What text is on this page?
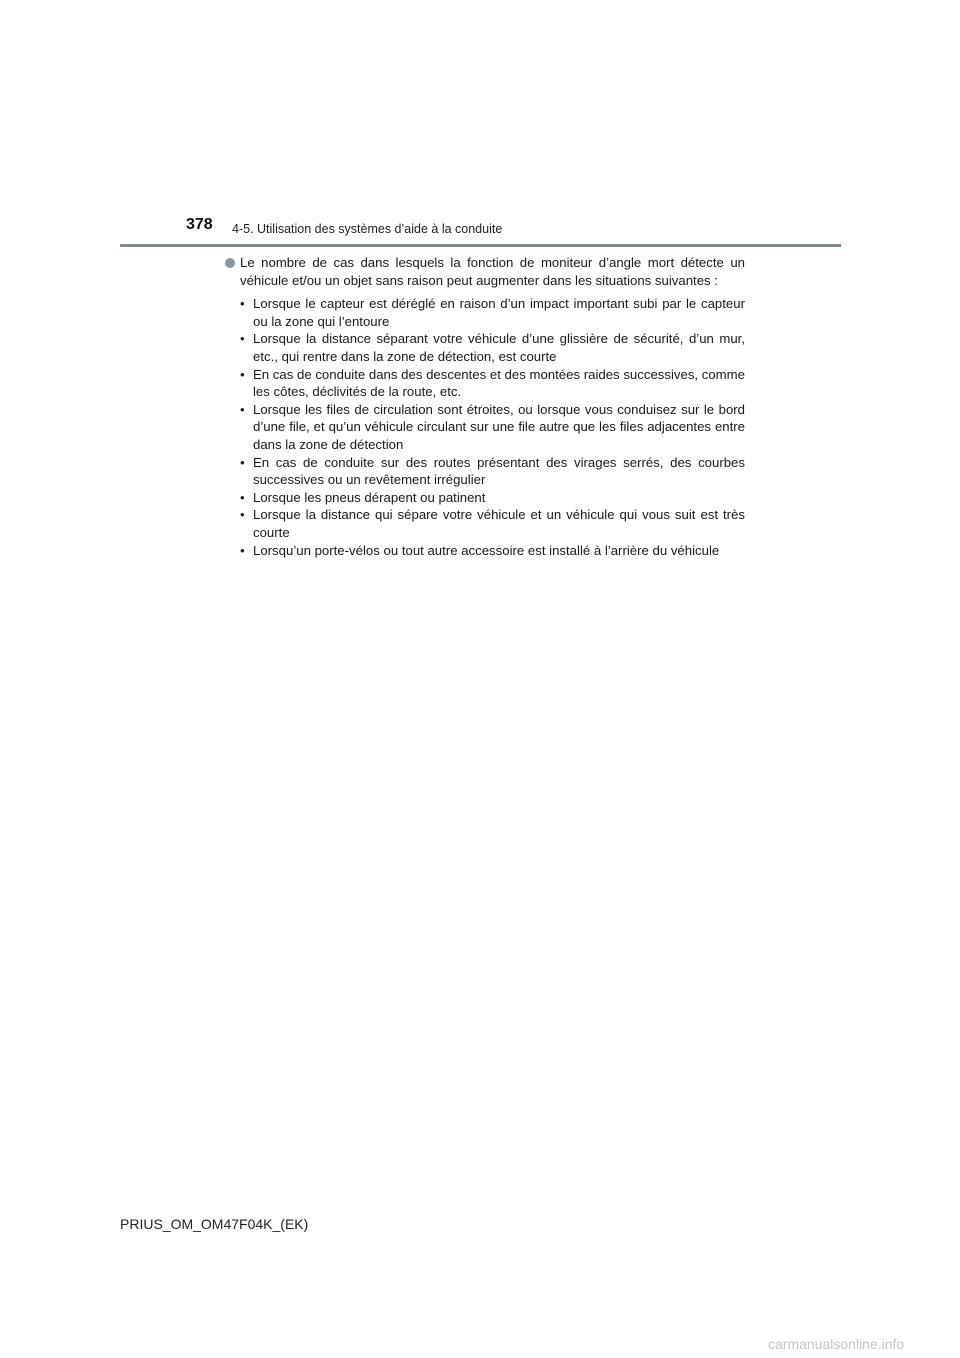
378 4-5. Utilisation des systèmes d’aide à la conduite

Le nombre de cas dans lesquels la fonction de moniteur d’angle mort détecte un véhicule et/ou un objet sans raison peut augmenter dans les situations suivantes :

• Lorsque le capteur est déréglé en raison d’un impact important subi par le capteur ou la zone qui l’entoure
• Lorsque la distance séparant votre véhicule d’une glissière de sécurité, d’un mur, etc., qui rentre dans la zone de détection, est courte
• En cas de conduite dans des descentes et des montées raides successives, comme les côtes, déclivités de la route, etc.
• Lorsque les files de circulation sont étroites, ou lorsque vous conduisez sur le bord d’une file, et qu’un véhicule circulant sur une file autre que les files adjacentes entre dans la zone de détection
• En cas de conduite sur des routes présentant des virages serrés, des courbes successives ou un revêtement irrégulier
• Lorsque les pneus dérapent ou patinent
• Lorsque la distance qui sépare votre véhicule et un véhicule qui vous suit est très courte
• Lorsqu’un porte-vélos ou tout autre accessoire est installé à l’arrière du véhicule
PRIUS_OM_OM47F04K_(EK)
carmanualsonline.info
